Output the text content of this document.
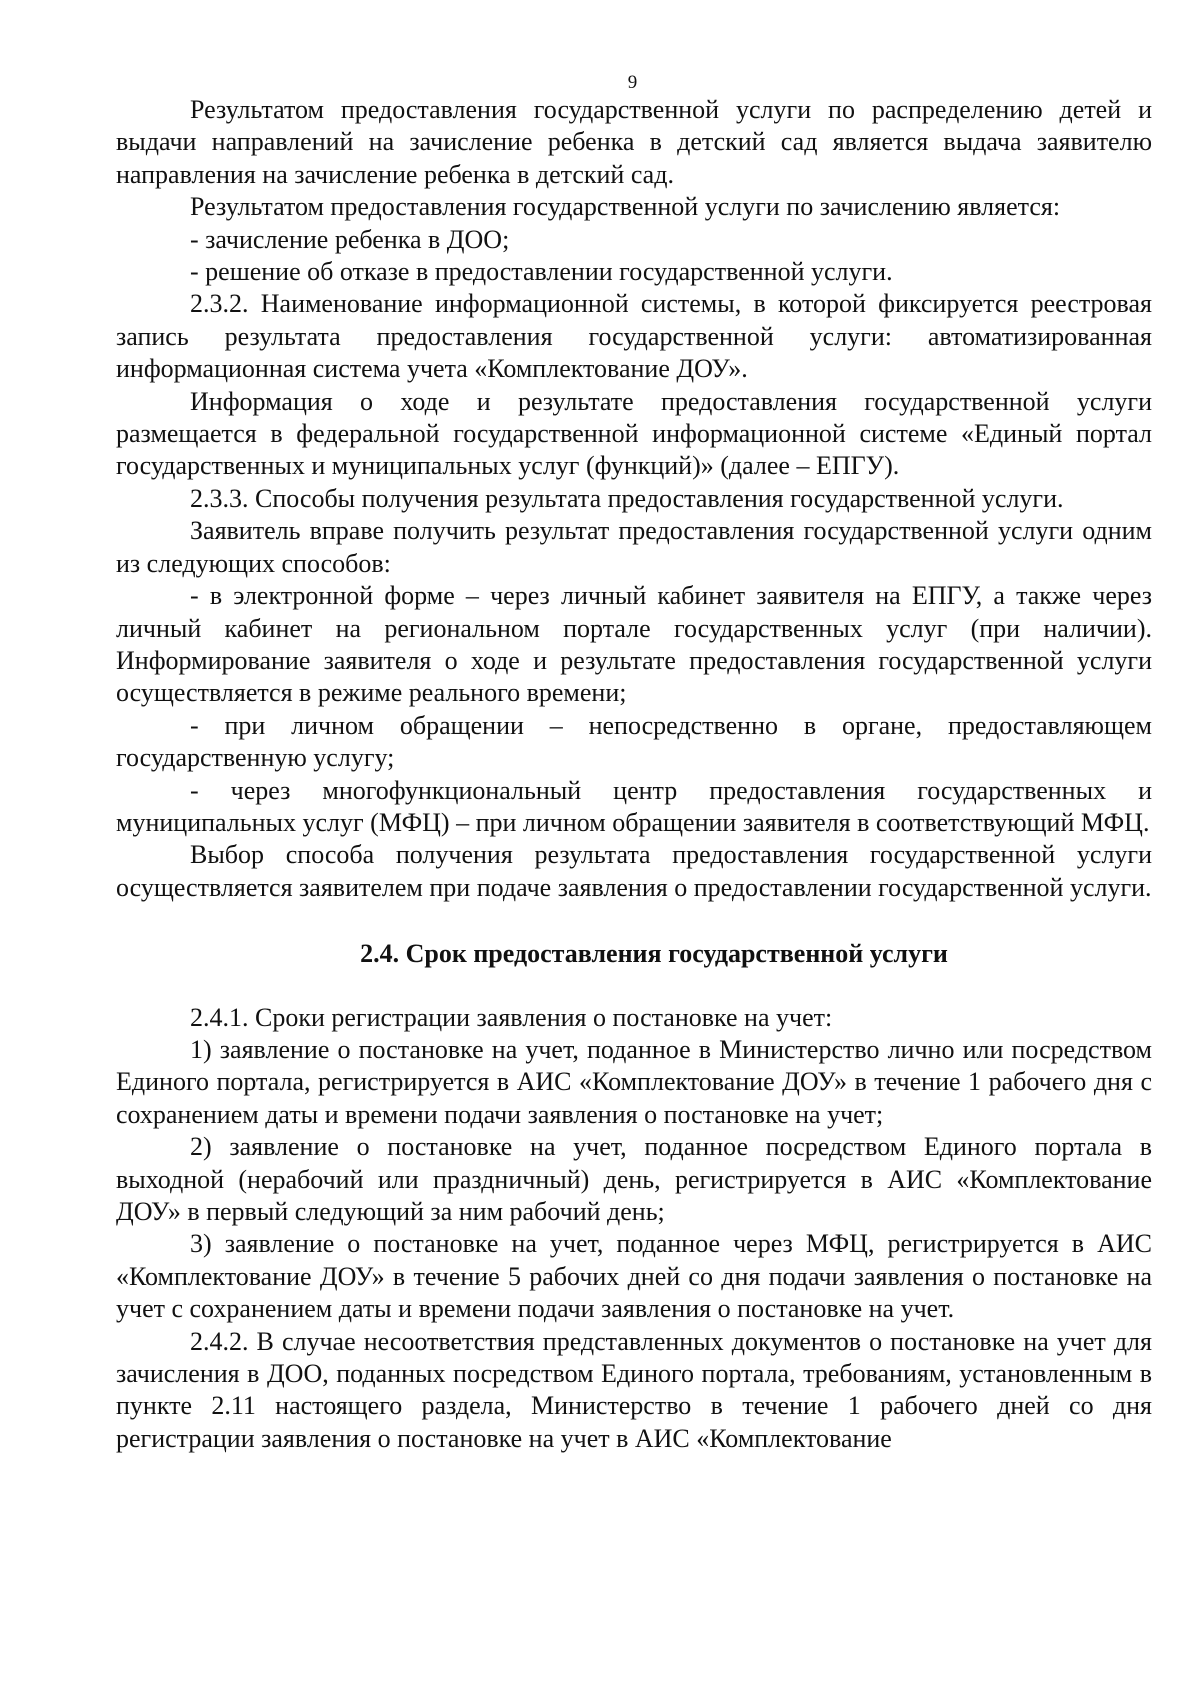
9

Результатом предоставления государственной услуги по распределению детей и выдачи направлений на зачисление ребенка в детский сад является выдача заявителю направления на зачисление ребенка в детский сад.

Результатом предоставления государственной услуги по зачислению является:

- зачисление ребенка в ДОО;

- решение об отказе в предоставлении государственной услуги.

2.3.2. Наименование информационной системы, в которой фиксируется реестровая запись результата предоставления государственной услуги: автоматизированная информационная система учета «Комплектование ДОУ».

Информация о ходе и результате предоставления государственной услуги размещается в федеральной государственной информационной системе «Единый портал государственных и муниципальных услуг (функций)» (далее – ЕПГУ).

2.3.3. Способы получения результата предоставления государственной услуги.

Заявитель вправе получить результат предоставления государственной услуги одним из следующих способов:

- в электронной форме – через личный кабинет заявителя на ЕПГУ, а также через личный кабинет на региональном портале государственных услуг (при наличии). Информирование заявителя о ходе и результате предоставления государственной услуги осуществляется в режиме реального времени;

- при личном обращении – непосредственно в органе, предоставляющем государственную услугу;

- через многофункциональный центр предоставления государственных и муниципальных услуг (МФЦ) – при личном обращении заявителя в соответствующий МФЦ.

Выбор способа получения результата предоставления государственной услуги осуществляется заявителем при подаче заявления о предоставлении государственной услуги.

2.4. Срок предоставления государственной услуги

2.4.1. Сроки регистрации заявления о постановке на учет:

1) заявление о постановке на учет, поданное в Министерство лично или посредством Единого портала, регистрируется в АИС «Комплектование ДОУ» в течение 1 рабочего дня с сохранением даты и времени подачи заявления о постановке на учет;

2) заявление о постановке на учет, поданное посредством Единого портала в выходной (нерабочий или праздничный) день, регистрируется в АИС «Комплектование ДОУ» в первый следующий за ним рабочий день;

3) заявление о постановке на учет, поданное через МФЦ, регистрируется в АИС «Комплектование ДОУ» в течение 5 рабочих дней со дня подачи заявления о постановке на учет с сохранением даты и времени подачи заявления о постановке на учет.

2.4.2. В случае несоответствия представленных документов о постановке на учет для зачисления в ДОО, поданных посредством Единого портала, требованиям, установленным в пункте 2.11 настоящего раздела, Министерство в течение 1 рабочего дней со дня регистрации заявления о постановке на учет в АИС «Комплектование
